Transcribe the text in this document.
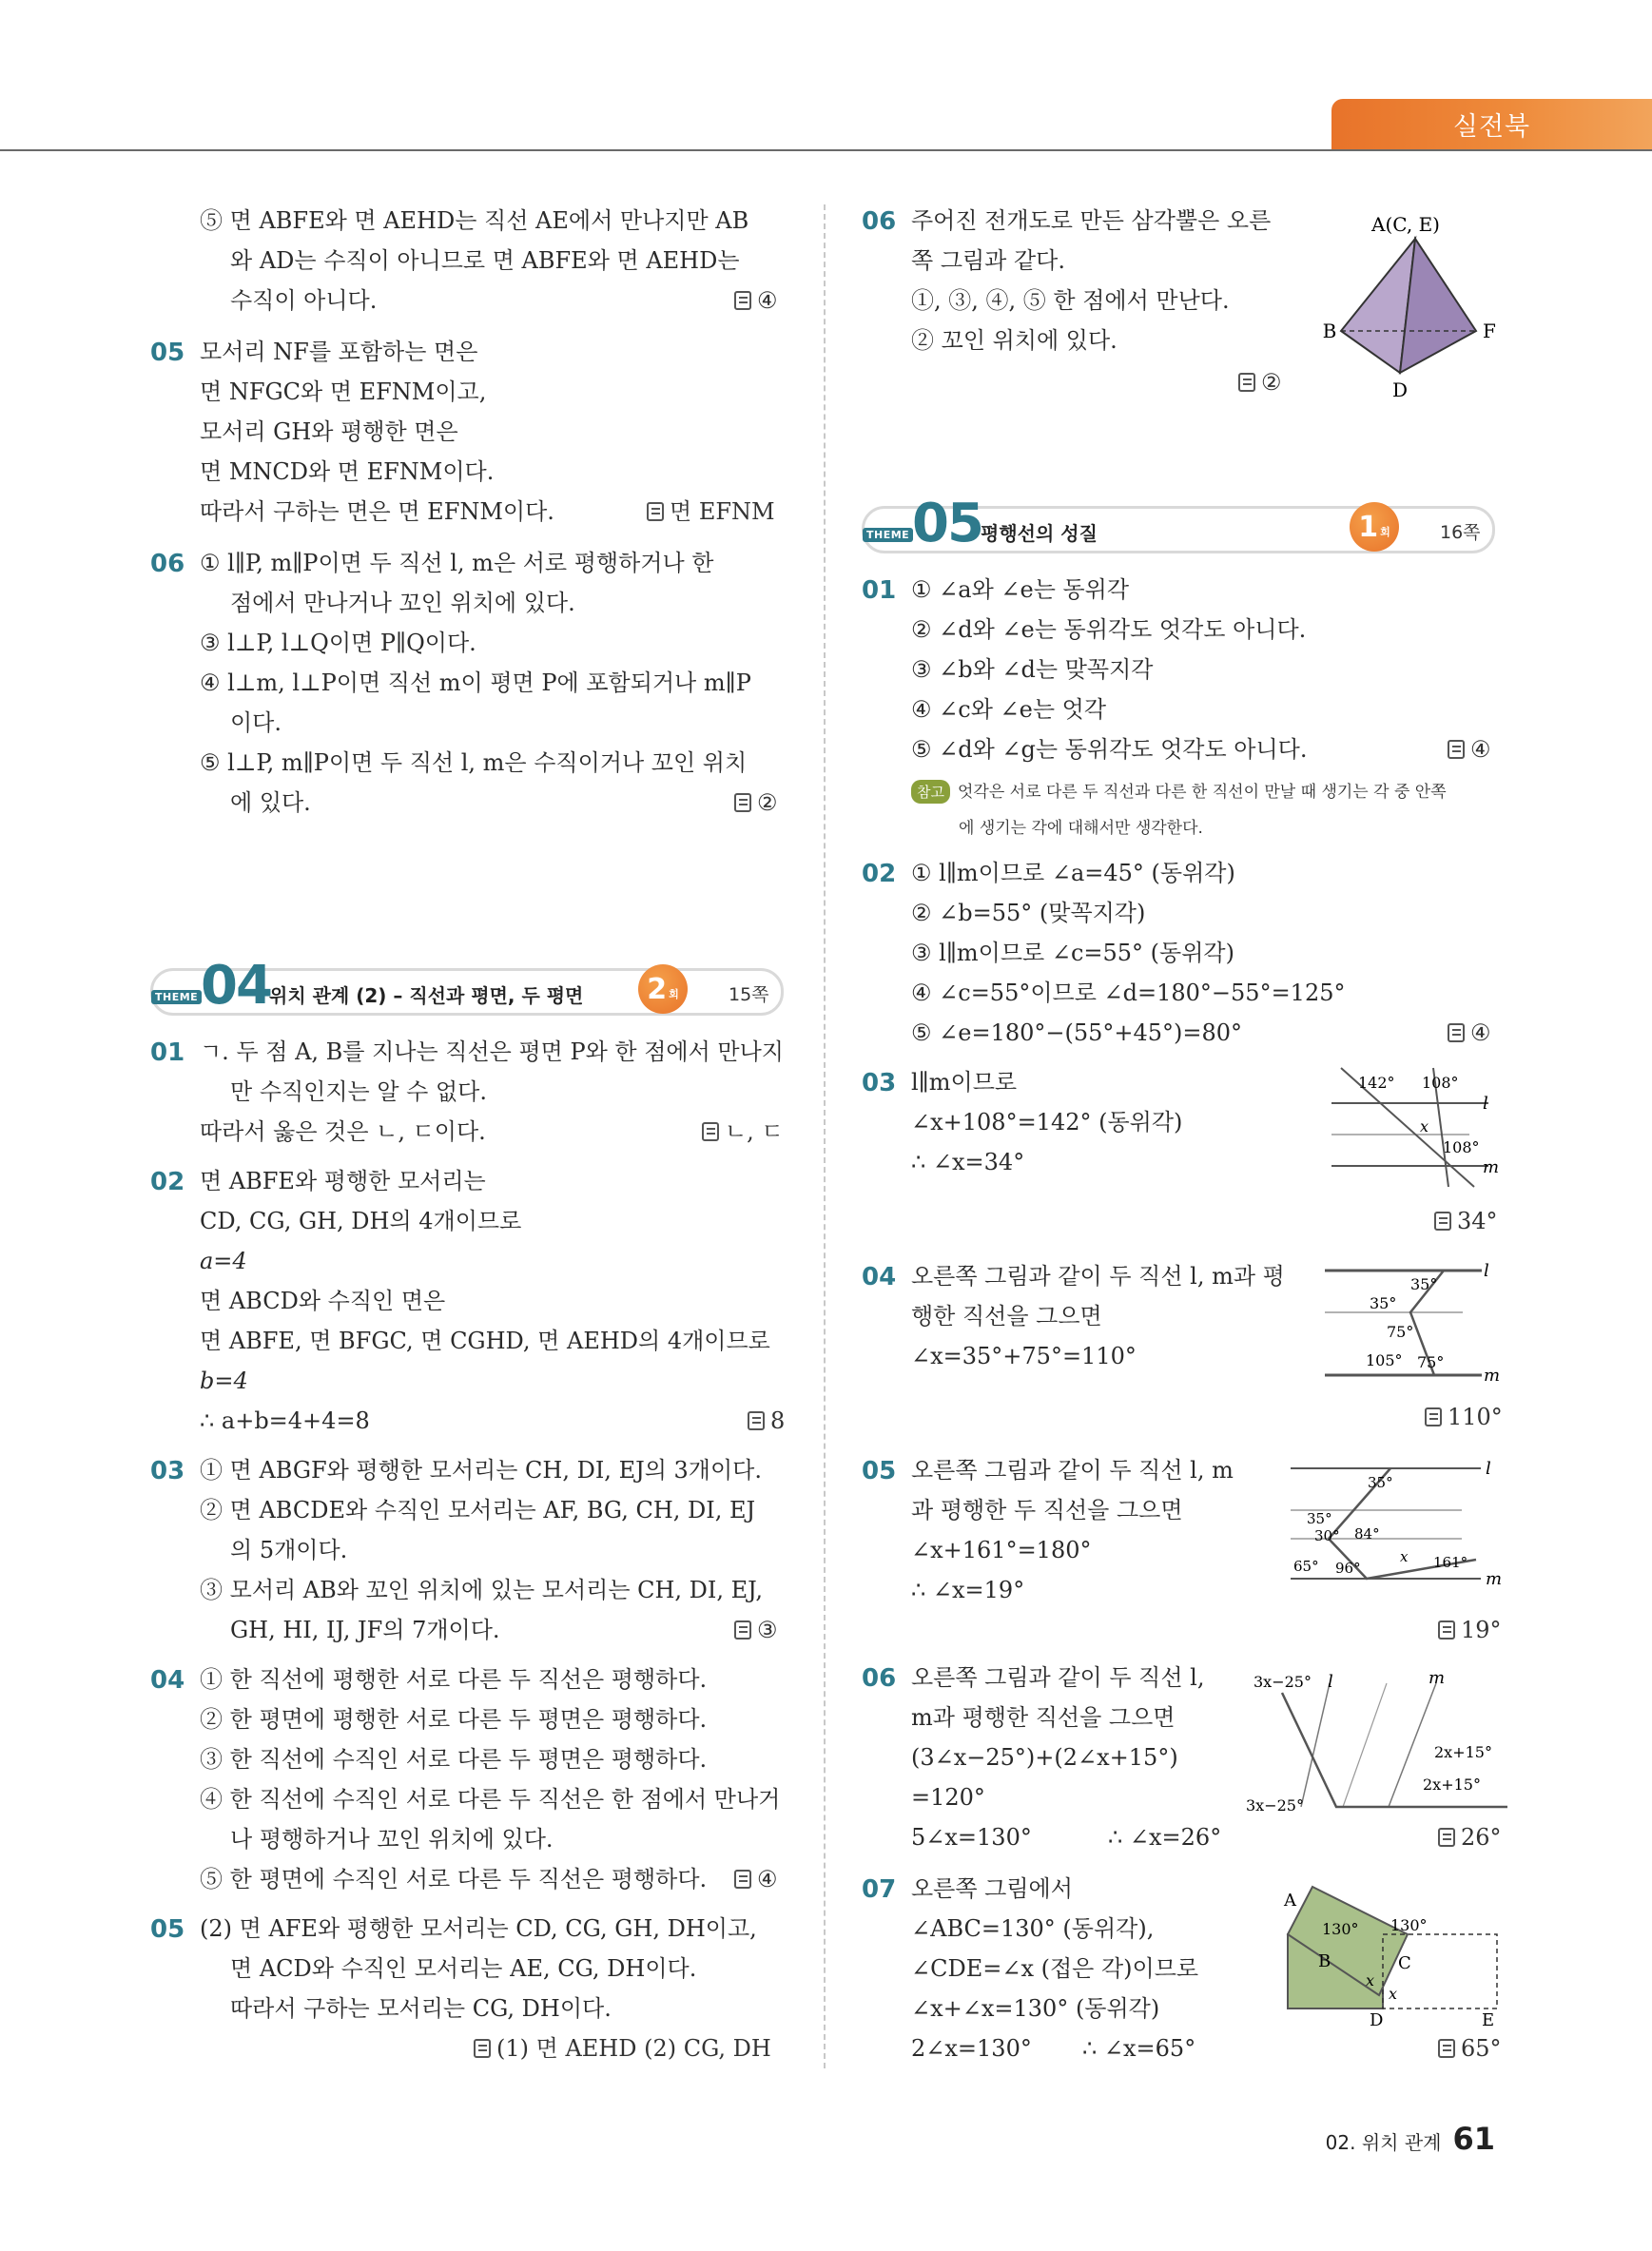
실전북
⑤ 면 ABFE와 면 AEHD는 직선 AE에서 만나지만 AB
와 AD는 수직이 아니므로 면 ABFE와 면 AEHD는
수직이 아니다.	④
05 모서리 NF를 포함하는 면은
면 NFGC와 면 EFNM이고,
모서리 GH와 평행한 면은
면 MNCD와 면 EFNM이다.
따라서 구하는 면은 면 EFNM이다.	면 EFNM
06 ① l∥P, m∥P이면 두 직선 l, m은 서로 평행하거나 한
점에서 만나거나 꼬인 위치에 있다.
③ l⊥P, l⊥Q이면 P∥Q이다.
④ l⊥m, l⊥P이면 직선 m이 평면 P에 포함되거나 m∥P
이다.
⑤ l⊥P, m∥P이면 두 직선 l, m은 수직이거나 꼬인 위치
에 있다.	②
THEME 04
위치 관계 (2) – 직선과 평면, 두 평면 2 회	15쪽
01 ㄱ. 두 점 A, B를 지나는 직선은 평면 P와 한 점에서 만나지
만 수직인지는 알 수 없다.
따라서 옳은 것은 ㄴ, ㄷ이다.	ㄴ, ㄷ
02 면 ABFE와 평행한 모서리는
CD, CG, GH, DH의 4개이므로
a=4
면 ABCD와 수직인 면은
면 ABFE, 면 BFGC, 면 CGHD, 면 AEHD의 4개이므로
b=4
∴ a+b=4+4=8	8
03 ① 면 ABGF와 평행한 모서리는 CH, DI, EJ의 3개이다.
② 면 ABCDE와 수직인 모서리는 AF, BG, CH, DI, EJ
의 5개이다.
③ 모서리 AB와 꼬인 위치에 있는 모서리는 CH, DI, EJ,
GH, HI, IJ, JF의 7개이다.	③
04 ① 한 직선에 평행한 서로 다른 두 직선은 평행하다.
② 한 평면에 평행한 서로 다른 두 평면은 평행하다.
③ 한 직선에 수직인 서로 다른 두 평면은 평행하다.
④ 한 직선에 수직인 서로 다른 두 직선은 한 점에서 만나거
나 평행하거나 꼬인 위치에 있다.
⑤ 한 평면에 수직인 서로 다른 두 직선은 평행하다. ④
05 (2) 면 AFE와 평행한 모서리는 CD, CG, GH, DH이고,
면 ACD와 수직인 모서리는 AE, CG, DH이다.
따라서 구하는 모서리는 CG, DH이다.
(1) 면 AEHD (2) CG, DH
06 주어진 전개도로 만든 삼각뿔은 오른
쪽 그림과 같다.
①, ③, ④, ⑤ 한 점에서 만난다.
② 꼬인 위치에 있다.
②
A(C, E)
B	F
D
THEME 05
평행선의 성질	1 회	16쪽
01 ① ∠a와 ∠e는 동위각
② ∠d와 ∠e는 동위각도 엇각도 아니다.
③ ∠b와 ∠d는 맞꼭지각
④ ∠c와 ∠e는 엇각
⑤ ∠d와 ∠g는 동위각도 엇각도 아니다.	④
참고 엇각은 서로 다른 두 직선과 다른 한 직선이 만날 때 생기는 각 중 안쪽
에 생기는 각에 대해서만 생각한다.
02 ① l∥m이므로 ∠a=45° (동위각)
② ∠b=55° (맞꼭지각)
③ l∥m이므로 ∠c=55° (동위각)
④ ∠c=55°이므로 ∠d=180°−55°=125°
⑤ ∠e=180°−(55°+45°)=80°	④
03 l∥m이므로
∠x+108°=142° (동위각)
∴ ∠x=34°
142° 108°
x
108°
l
m
34°
04 오른쪽 그림과 같이 두 직선 l, m과 평
행한 직선을 그으면
∠x=35°+75°=110°
35°
35°
75°
105° 75°
l
m
110°
05 오른쪽 그림과 같이 두 직선 l, m
과 평행한 두 직선을 그으면
∠x+161°=180°
∴ ∠x=19°
35°
35°
30° 84°
65° 96°
x 161°
l
m
19°
06 오른쪽 그림과 같이 두 직선 l,
m과 평행한 직선을 그으면
(3∠x−25°)+(2∠x+15°)
=120°
5∠x=130°	∴ ∠x=26°
3x−25°
2x+15°
3x−25°
2x+15°
l	m
26°
07 오른쪽 그림에서
∠ABC=130° (동위각),
∠CDE=∠x (접은 각)이므로
∠x+∠x=130° (동위각)
2∠x=130° ∴ ∠x=65°
A
130° 130°
B	C
x
x
D	E
65°
02. 위치 관계 61
